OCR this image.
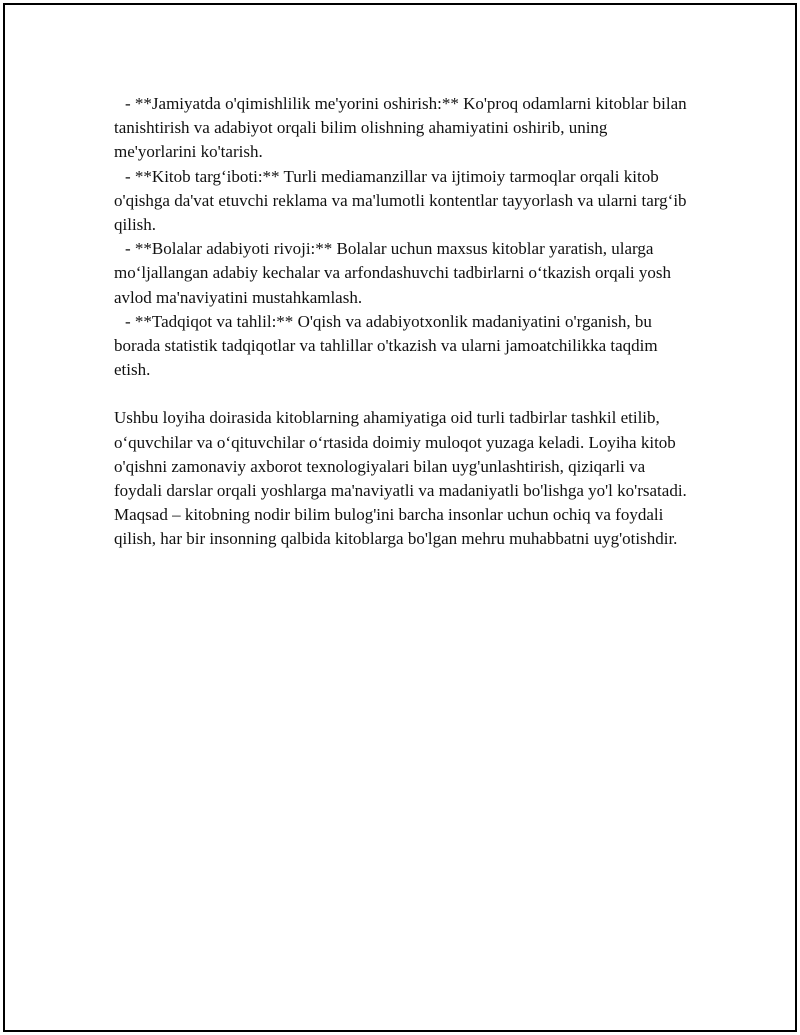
- **Jamiyatda o'qimishlilik me'yorini oshirish:** Ko'proq odamlarni kitoblar bilan tanishtirish va adabiyot orqali bilim olishning ahamiyatini oshirib, uning me'yorlarini ko'tarish.

- **Kitob targ‘iboti:** Turli mediamanzillar va ijtimoiy tarmoqlar orqali kitob o'qishga da'vat etuvchi reklama va ma'lumotli kontentlar tayyorlash va ularni targ‘ib qilish.

- **Bolalar adabiyoti rivoji:** Bolalar uchun maxsus kitoblar yaratish, ularga mo‘ljallangan adabiy kechalar va arfondashuvchi tadbirlarni o‘tkazish orqali yosh avlod ma'naviyatini mustahkamlash.

- **Tadqiqot va tahlil:** O'qish va adabiyotxonlik madaniyatini o'rganish, bu borada statistik tadqiqotlar va tahlillar o'tkazish va ularni jamoatchilikka taqdim etish.

Ushbu loyiha doirasida kitoblarning ahamiyatiga oid turli tadbirlar tashkil etilib, o‘quvchilar va o‘qituvchilar o‘rtasida doimiy muloqot yuzaga keladi. Loyiha kitob o'qishni zamonaviy axborot texnologiyalari bilan uyg'unlashtirish, qiziqarli va foydali darslar orqali yoshlarga ma'naviyatli va madaniyatli bo'lishga yo'l ko'rsatadi. Maqsad – kitobning nodir bilim bulog'ini barcha insonlar uchun ochiq va foydali qilish, har bir insonning qalbida kitoblarga bo'lgan mehru muhabbatni uyg'otishdir.
